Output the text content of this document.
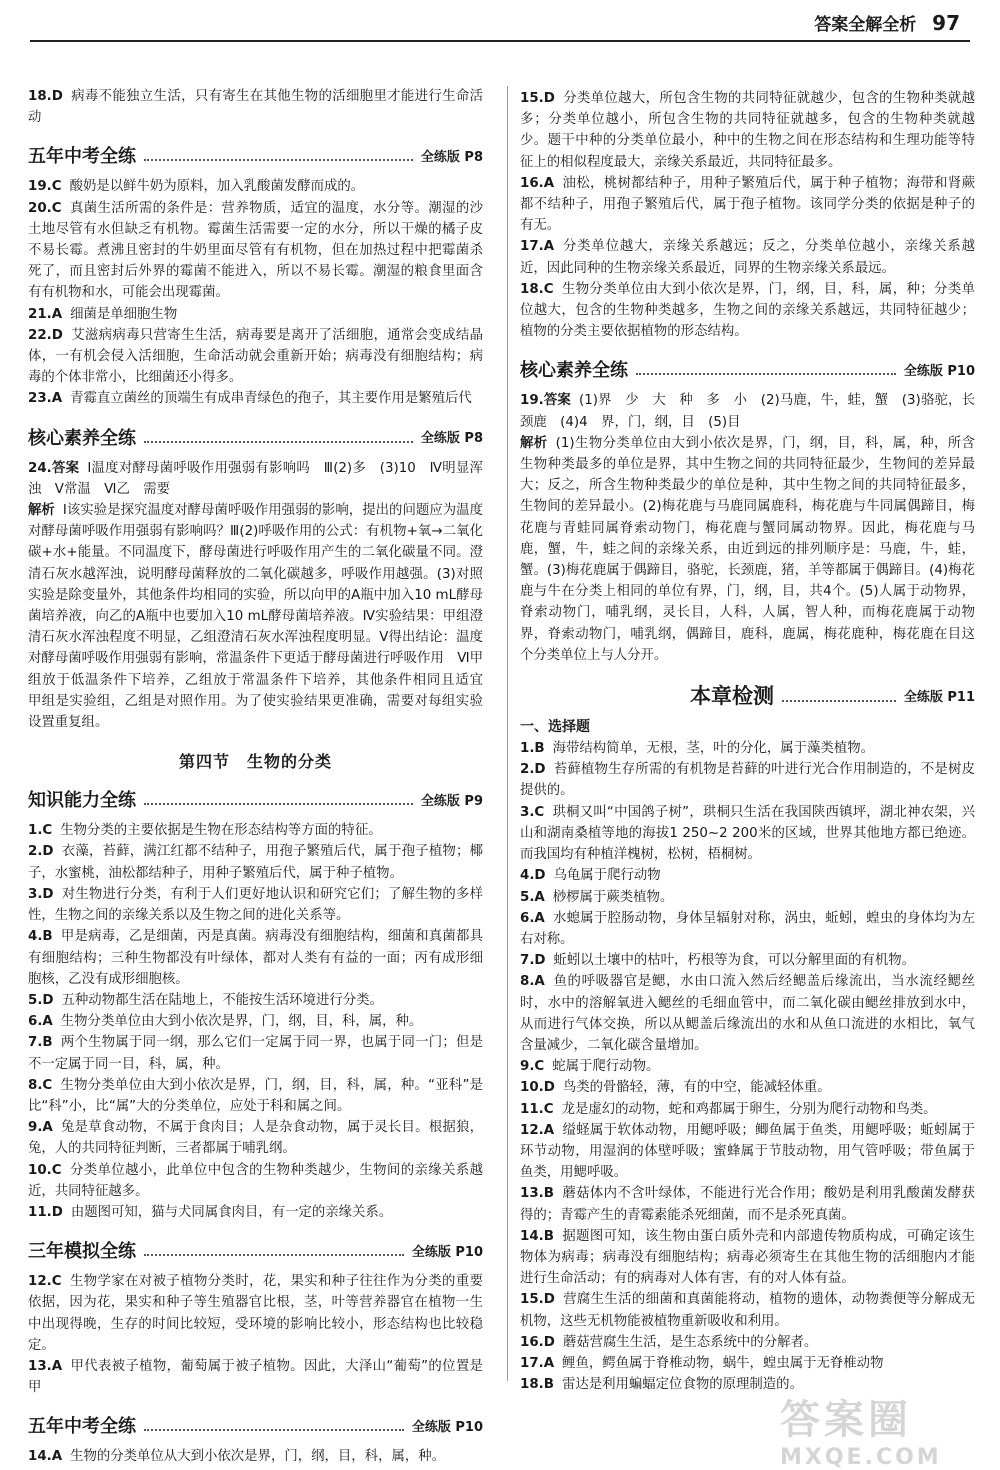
答案全解全析 97

18.D 病毒不能独立生活，只有寄生在其他生物的活细胞里才能进行生命活动

五年中考全练	全练版 P8

19.C 酸奶是以鲜牛奶为原料，加入乳酸菌发酵而成的。

20.C 真菌生活所需的条件是：营养物质，适宜的温度，水分等。潮湿的沙土地尽管有水但缺乏有机物。霉菌生活需要一定的水分，所以干燥的橘子皮不易长霉。煮沸且密封的牛奶里面尽管有有机物，但在加热过程中把霉菌杀死了，而且密封后外界的霉菌不能进入，所以不易长霉。潮湿的粮食里面含有有机物和水，可能会出现霉菌。

21.A 细菌是单细胞生物

22.D 艾滋病病毒只营寄生生活，病毒要是离开了活细胞，通常会变成结晶体，一有机会侵入活细胞，生命活动就会重新开始；病毒没有细胞结构；病毒的个体非常小，比细菌还小得多。

23.A 青霉直立菌丝的顶端生有成串青绿色的孢子，其主要作用是繁殖后代

核心素养全练	全练版 P8

24.答案 Ⅰ温度对酵母菌呼吸作用强弱有影响吗　Ⅲ(2)多　(3)10　Ⅳ明显浑浊　Ⅴ常温　Ⅵ乙　需要

解析 Ⅰ该实验是探究温度对酵母菌呼吸作用强弱的影响，提出的问题应为温度对酵母菌呼吸作用强弱有影响吗？Ⅲ(2)呼吸作用的公式：有机物+氧→二氧化碳+水+能量。不同温度下，酵母菌进行呼吸作用产生的二氧化碳量不同。澄清石灰水越浑浊，说明酵母菌释放的二氧化碳越多，呼吸作用越强。(3)对照实验是除变量外，其他条件均相同的实验，所以向甲的A瓶中加入10 mL酵母菌培养液，向乙的A瓶中也要加入10 mL酵母菌培养液。Ⅳ实验结果：甲组澄清石灰水浑浊程度不明显，乙组澄清石灰水浑浊程度明显。Ⅴ得出结论：温度对酵母菌呼吸作用强弱有影响，常温条件下更适于酵母菌进行呼吸作用　Ⅵ甲组放于低温条件下培养，乙组放于常温条件下培养，其他条件相同且适宜　甲组是实验组，乙组是对照作用。为了使实验结果更准确，需要对每组实验设置重复组。

第四节　生物的分类
知识能力全练	全练版 P9

1.C 生物分类的主要依据是生物在形态结构等方面的特征。

2.D 衣藻，苔藓，满江红都不结种子，用孢子繁殖后代，属于孢子植物；椰子，水蜜桃，油松都结种子，用种子繁殖后代，属于种子植物。

3.D 对生物进行分类，有利于人们更好地认识和研究它们；了解生物的多样性，生物之间的亲缘关系以及生物之间的进化关系等。

4.B 甲是病毒，乙是细菌，丙是真菌。病毒没有细胞结构，细菌和真菌都具有细胞结构；三种生物都没有叶绿体，都对人类有有益的一面；丙有成形细胞核，乙没有成形细胞核。

5.D 五种动物都生活在陆地上，不能按生活环境进行分类。

6.A 生物分类单位由大到小依次是界，门，纲，目，科，属，种。

7.B 两个生物属于同一纲，那么它们一定属于同一界，也属于同一门；但是不一定属于同一目，科，属，种。

8.C 生物分类单位由大到小依次是界，门，纲，目，科，属，种。“亚科”是比“科”小，比“属”大的分类单位，应处于科和属之间。

9.A 兔是草食动物，不属于食肉目；人是杂食动物，属于灵长目。根据狼，兔，人的共同特征判断，三者都属于哺乳纲。

10.C 分类单位越小，此单位中包含的生物种类越少，生物间的亲缘关系越近，共同特征越多。

11.D 由题图可知，猫与犬同属食肉目，有一定的亲缘关系。

三年模拟全练	全练版 P10

12.C 生物学家在对被子植物分类时，花，果实和种子往往作为分类的重要依据，因为花，果实和种子等生殖器官比根，茎，叶等营养器官在植物一生中出现得晚，生存的时间比较短，受环境的影响比较小，形态结构也比较稳定。

13.A 甲代表被子植物，葡萄属于被子植物。因此，大泽山“葡萄”的位置是甲

五年中考全练	全练版 P10

14.A 生物的分类单位从大到小依次是界，门，纲，目，科，属，种。

15.D 分类单位越大，所包含生物的共同特征就越少，包含的生物种类就越多；分类单位越小，所包含生物的共同特征就越多，包含的生物种类就越少。题干中种的分类单位最小，种中的生物之间在形态结构和生理功能等特征上的相似程度最大，亲缘关系最近，共同特征最多。

16.A 油松，桃树都结种子，用种子繁殖后代，属于种子植物；海带和肾蕨都不结种子，用孢子繁殖后代，属于孢子植物。该同学分类的依据是种子的有无。

17.A 分类单位越大，亲缘关系越远；反之，分类单位越小，亲缘关系越近，因此同种的生物亲缘关系最近，同界的生物亲缘关系最远。

18.C 生物分类单位由大到小依次是界，门，纲，目，科，属，种；分类单位越大，包含的生物种类越多，生物之间的亲缘关系越远，共同特征越少；植物的分类主要依据植物的形态结构。

核心素养全练	全练版 P10

19.答案 (1)界　少　大　种　多　小　(2)马鹿，牛，蛙，蟹　(3)骆驼，长颈鹿　(4)4　界，门，纲，目　(5)目

解析 (1)生物分类单位由大到小依次是界，门，纲，目，科，属，种，所含生物种类最多的单位是界，其中生物之间的共同特征最少，生物间的差异最大；反之，所含生物种类最少的单位是种，其中生物之间的共同特征最多，生物间的差异最小。(2)梅花鹿与马鹿同属鹿科，梅花鹿与牛同属偶蹄目，梅花鹿与青蛙同属脊索动物门，梅花鹿与蟹同属动物界。因此，梅花鹿与马鹿，蟹，牛，蛙之间的亲缘关系，由近到远的排列顺序是：马鹿，牛，蛙，蟹。(3)梅花鹿属于偶蹄目，骆驼，长颈鹿，猪，羊等都属于偶蹄目。(4)梅花鹿与牛在分类上相同的单位有界，门，纲，目，共4个。(5)人属于动物界，脊索动物门，哺乳纲，灵长目，人科，人属，智人种，而梅花鹿属于动物界，脊索动物门，哺乳纲，偶蹄目，鹿科，鹿属，梅花鹿种，梅花鹿在目这个分类单位上与人分开。

本章检测	全练版 P11
一、选择题

1.B 海带结构简单，无根，茎，叶的分化，属于藻类植物。

2.D 苔藓植物生存所需的有机物是苔藓的叶进行光合作用制造的，不是树皮提供的。

3.C 珙桐又叫“中国鸽子树”，珙桐只生活在我国陕西镇坪，湖北神农架，兴山和湖南桑植等地的海拔1 250~2 200米的区域，世界其他地方都已绝迹。而我国均有种植洋槐树，松树，梧桐树。

4.D 乌龟属于爬行动物

5.A 桫椤属于蕨类植物。

6.A 水螅属于腔肠动物，身体呈辐射对称，涡虫，蚯蚓，蝗虫的身体均为左右对称。

7.D 蚯蚓以土壤中的枯叶，朽根等为食，可以分解里面的有机物。

8.A 鱼的呼吸器官是鳃，水由口流入然后经鳃盖后缘流出，当水流经鳃丝时，水中的溶解氧进入鳃丝的毛细血管中，而二氧化碳由鳃丝排放到水中，从而进行气体交换，所以从鳃盖后缘流出的水和从鱼口流进的水相比，氧气含量减少，二氧化碳含量增加。

9.C 蛇属于爬行动物。

10.D 鸟类的骨骼轻，薄，有的中空，能减轻体重。

11.C 龙是虚幻的动物，蛇和鸡都属于卵生，分别为爬行动物和鸟类。

12.A 缢蛏属于软体动物，用鳃呼吸；鲫鱼属于鱼类，用鳃呼吸；蚯蚓属于环节动物，用湿润的体壁呼吸；蜜蜂属于节肢动物，用气管呼吸；带鱼属于鱼类，用鳃呼吸。

13.B 蘑菇体内不含叶绿体，不能进行光合作用；酸奶是利用乳酸菌发酵获得的；青霉产生的青霉素能杀死细菌，而不是杀死真菌。

14.B 据题图可知，该生物由蛋白质外壳和内部遗传物质构成，可确定该生物体为病毒；病毒没有细胞结构；病毒必须寄生在其他生物的活细胞内才能进行生命活动；有的病毒对人体有害，有的对人体有益。

15.D 营腐生生活的细菌和真菌能将动，植物的遗体，动物粪便等分解成无机物，这些无机物能被植物重新吸收和利用。

16.D 蘑菇营腐生生活，是生态系统中的分解者。

17.A 鲤鱼，鳄鱼属于脊椎动物，蜗牛，蝗虫属于无脊椎动物

18.B 雷达是利用蝙蝠定位食物的原理制造的。

答案圈
MXQE.COM
